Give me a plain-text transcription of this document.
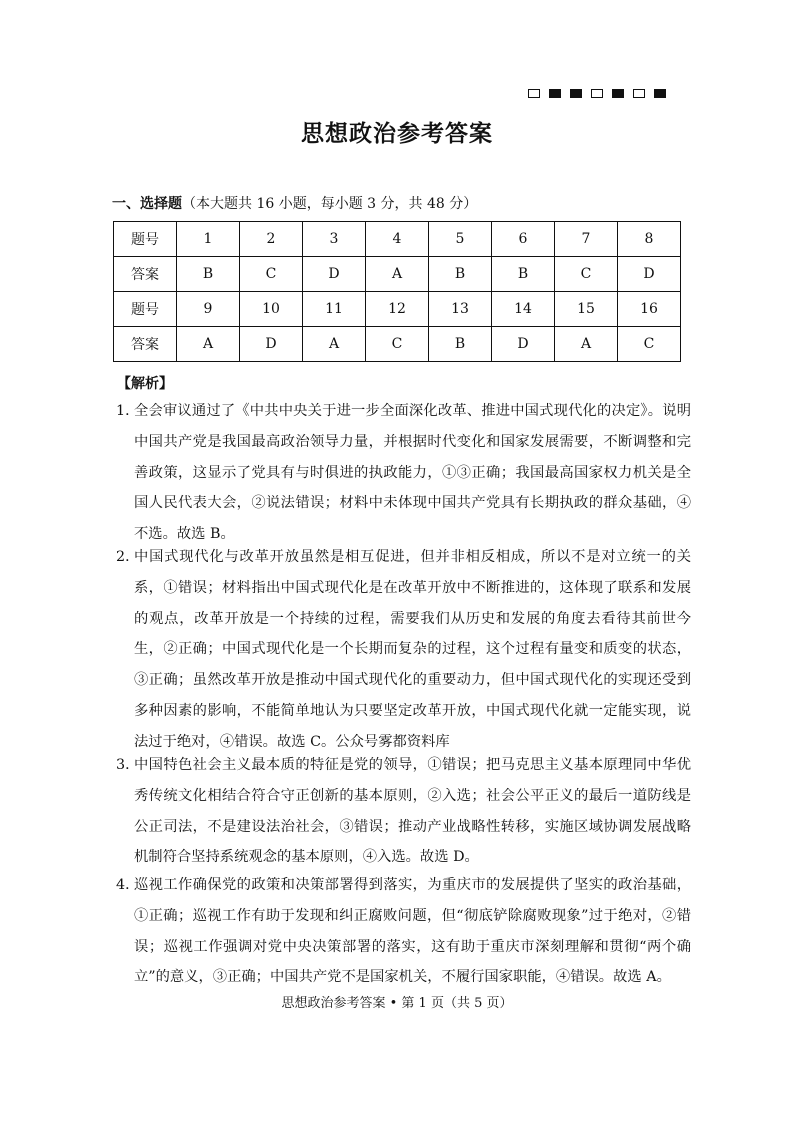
思想政治参考答案
一、选择题（本大题共 16 小题，每小题 3 分，共 48 分）
题号	1	2	3	4	5	6	7	8
答案	B	C	D	A	B	B	C	D
题号	9	10	11	12	13	14	15	16
答案	A	D	A	C	B	D	A	C
【解析】
1．
全会审议通过了《中共中央关于进一步全面深化改革、推进中国式现代化的决定》。说明中国共产党是我国最高政治领导力量，并根据时代变化和国家发展需要，不断调整和完善政策，这显示了党具有与时俱进的执政能力，①③正确；我国最高国家权力机关是全国人民代表大会，②说法错误；材料中未体现中国共产党具有长期执政的群众基础，④不选。故选 B。
2．
中国式现代化与改革开放虽然是相互促进，但并非相反相成，所以不是对立统一的关系，①错误；材料指出中国式现代化是在改革开放中不断推进的，这体现了联系和发展的观点，改革开放是一个持续的过程，需要我们从历史和发展的角度去看待其前世今生，②正确；中国式现代化是一个长期而复杂的过程，这个过程有量变和质变的状态，③正确；虽然改革开放是推动中国式现代化的重要动力，但中国式现代化的实现还受到多种因素的影响，不能简单地认为只要坚定改革开放，中国式现代化就一定能实现，说法过于绝对，④错误。故选 C。公众号雾都资料库
3．
中国特色社会主义最本质的特征是党的领导，①错误；把马克思主义基本原理同中华优秀传统文化相结合符合守正创新的基本原则，②入选；社会公平正义的最后一道防线是公正司法，不是建设法治社会，③错误；推动产业战略性转移，实施区域协调发展战略机制符合坚持系统观念的基本原则，④入选。故选 D。
4．
巡视工作确保党的政策和决策部署得到落实，为重庆市的发展提供了坚实的政治基础，①正确；巡视工作有助于发现和纠正腐败问题，但“彻底铲除腐败现象”过于绝对，②错误；巡视工作强调对党中央决策部署的落实，这有助于重庆市深刻理解和贯彻“两个确立”的意义，③正确；中国共产党不是国家机关，不履行国家职能，④错误。故选 A。
思想政治参考答案 • 第 1 页（共 5 页）
